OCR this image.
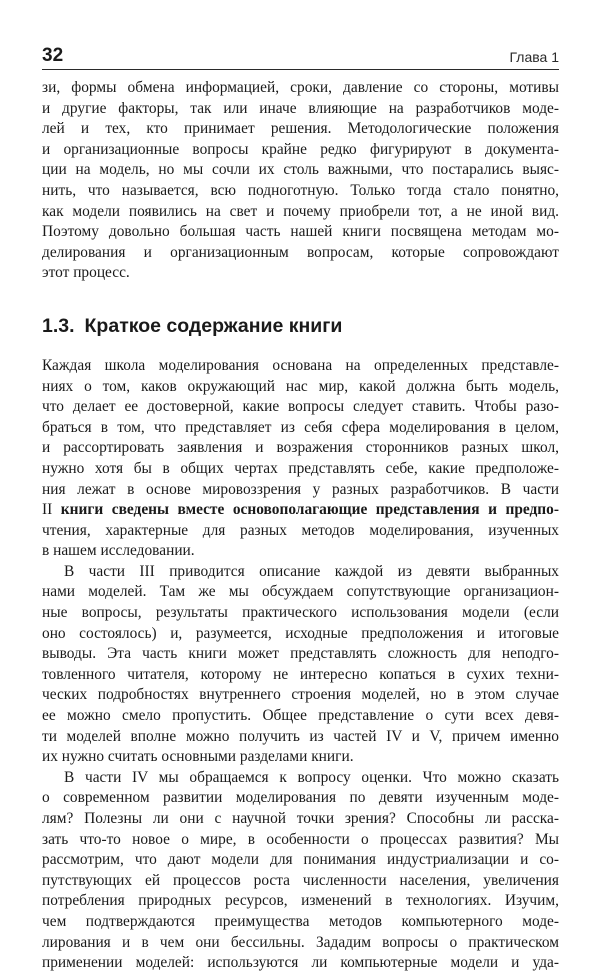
32	Глава 1
зи, формы обмена информацией, сроки, давление со стороны, мотивы
и другие факторы, так или иначе влияющие на разработчиков моде-
лей и тех, кто принимает решения. Методологические положения
и организационные вопросы крайне редко фигурируют в документа-
ции на модель, но мы сочли их столь важными, что постарались выяс-
нить, что называется, всю подноготную. Только тогда стало понятно,
как модели появились на свет и почему приобрели тот, а не иной вид.
Поэтому довольно большая часть нашей книги посвящена методам мо-
делирования и организационным вопросам, которые сопровождают
этот процесс.
1.3. Краткое содержание книги
Каждая школа моделирования основана на определенных представле-
ниях о том, каков окружающий нас мир, какой должна быть модель,
что делает ее достоверной, какие вопросы следует ставить. Чтобы разо-
браться в том, что представляет из себя сфера моделирования в целом,
и рассортировать заявления и возражения сторонников разных школ,
нужно хотя бы в общих чертах представлять себе, какие предположе-
ния лежат в основе мировоззрения у разных разработчиков. В части
II книги сведены вместе основополагающие представления и предпо-
чтения, характерные для разных методов моделирования, изученных
в нашем исследовании.
В части III приводится описание каждой из девяти выбранных
нами моделей. Там же мы обсуждаем сопутствующие организацион-
ные вопросы, результаты практического использования модели (если
оно состоялось) и, разумеется, исходные предположения и итоговые
выводы. Эта часть книги может представлять сложность для неподго-
товленного читателя, которому не интересно копаться в сухих техни-
ческих подробностях внутреннего строения моделей, но в этом случае
ее можно смело пропустить. Общее представление о сути всех девя-
ти моделей вполне можно получить из частей IV и V, причем именно
их нужно считать основными разделами книги.
В части IV мы обращаемся к вопросу оценки. Что можно сказать
о современном развитии моделирования по девяти изученным моде-
лям? Полезны ли они с научной точки зрения? Способны ли расска-
зать что-то новое о мире, в особенности о процессах развития? Мы
рассмотрим, что дают модели для понимания индустриализации и со-
путствующих ей процессов роста численности населения, увеличения
потребления природных ресурсов, изменений в технологиях. Изучим,
чем подтверждаются преимущества методов компьютерного моде-
лирования и в чем они бессильны. Зададим вопросы о практическом
применении моделей: используются ли компьютерные модели и уда-
